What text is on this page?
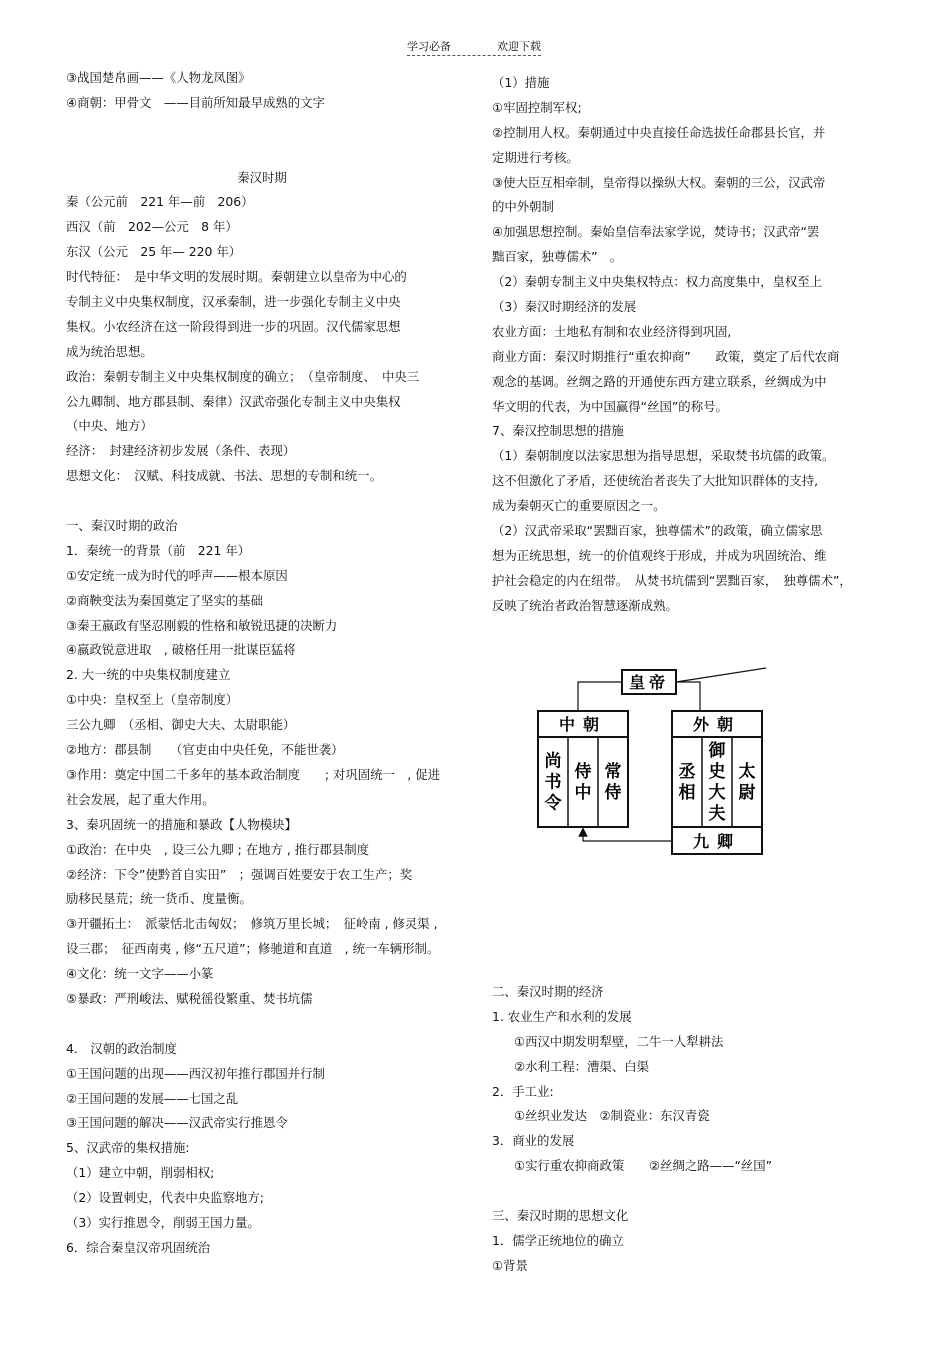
学习必备	欢迎下载
③战国楚帛画——《人物龙凤图》
④商朝：甲骨文　——目前所知最早成熟的文字
秦汉时期
秦（公元前　221 年—前　206）
西汉（前　202—公元　8 年）
东汉（公元　25 年— 220 年）
时代特征：　是中华文明的发展时期。秦朝建立以皇帝为中心的
专制主义中央集权制度，汉承秦制，进一步强化专制主义中央
集权。小农经济在这一阶段得到进一步的巩固。汉代儒家思想
成为统治思想。
政治：秦朝专制主义中央集权制度的确立；　（皇帝制度、　中央三
公九卿制、地方郡县制、秦律）汉武帝强化专制主义中央集权
（中央、地方）
经济：　封建经济初步发展（条件、表现）
思想文化：　汉赋、科技成就、书法、思想的专制和统一。
一、秦汉时期的政治
1．秦统一的背景（前　221 年）
①安定统一成为时代的呼声——根本原因
②商鞅变法为秦国奠定了坚实的基础
③秦王嬴政有坚忍刚毅的性格和敏锐迅捷的决断力
④嬴政锐意进取　, 破格任用一批谋臣猛将
2. 大一统的中央集权制度建立
①中央：皇权至上（皇帝制度）
三公九卿　（丞相、御史大夫、太尉职能）
②地方：郡县制　　（官吏由中央任免，不能世袭）
③作用：奠定中国二千多年的基本政治制度　　; 对巩固统一　, 促进
社会发展，起了重大作用。
3、秦巩固统一的措施和暴政【人物模块】
①政治：在中央　, 设三公九卿 ; 在地方 , 推行郡县制度
②经济：下令”使黔首自实田”　；强调百姓要安于农工生产；奖
励移民垦荒；统一货币、度量衡。
③开疆拓土：　派蒙恬北击匈奴；　修筑万里长城；　征岭南 , 修灵渠 ,
设三郡；　征西南夷 , 修“五尺道”；修驰道和直道　, 统一车辆形制。
④文化：统一文字——小篆
⑤暴政：严刑峻法、赋税徭役繁重、焚书坑儒
4.　汉朝的政治制度
①王国问题的出现——西汉初年推行郡国并行制
②王国问题的发展——七国之乱
③王国问题的解决——汉武帝实行推恩令
5、汉武帝的集权措施:
（1）建立中朝，削弱相权;
（2）设置刺史，代表中央监察地方;
（3）实行推恩令，削弱王国力量。
6．综合秦皇汉帝巩固统治
（1）措施
①牢固控制军权;
②控制用人权。秦朝通过中央直接任命选拔任命郡县长官，并
定期进行考核。
③使大臣互相牵制，皇帝得以操纵大权。秦朝的三公，汉武帝
的中外朝制
④加强思想控制。秦始皇信奉法家学说，焚诗书；汉武帝“罢
黜百家，独尊儒术”　。
（2）秦朝专制主义中央集权特点：权力高度集中，皇权至上
（3）秦汉时期经济的发展
农业方面：土地私有制和农业经济得到巩固,
商业方面：秦汉时期推行“重农抑商”　　政策，奠定了后代农商
观念的基调。丝绸之路的开通使东西方建立联系，丝绸成为中
华文明的代表，为中国赢得“丝国”的称号。
7、秦汉控制思想的措施
（1）秦朝制度以法家思想为指导思想，采取焚书坑儒的政策。
这不但激化了矛盾，还使统治者丧失了大批知识群体的支持,
成为秦朝灭亡的重要原因之一。
（2）汉武帝采取“罢黜百家，独尊儒术”的政策，确立儒家思
想为正统思想，统一的价值观终于形成，并成为巩固统治、维
护社会稳定的内在纽带。　从焚书坑儒到“罢黜百家，　独尊儒术”，
反映了统治者政治智慧逐渐成熟。
皇帝
中朝	外朝
九卿
尚
书
令
侍
中
常
侍
丞
相
御
史
大
夫
太
尉
二、秦汉时期的经济
1. 农业生产和水利的发展
①西汉中期发明犁壁，二牛一人犁耕法
②水利工程：漕渠、白渠
2．手工业:
①丝织业发达　②制瓷业：东汉青瓷
3．商业的发展
①实行重农抑商政策　　②丝绸之路——“丝国”
三、秦汉时期的思想文化
1．儒学正统地位的确立
①背景
